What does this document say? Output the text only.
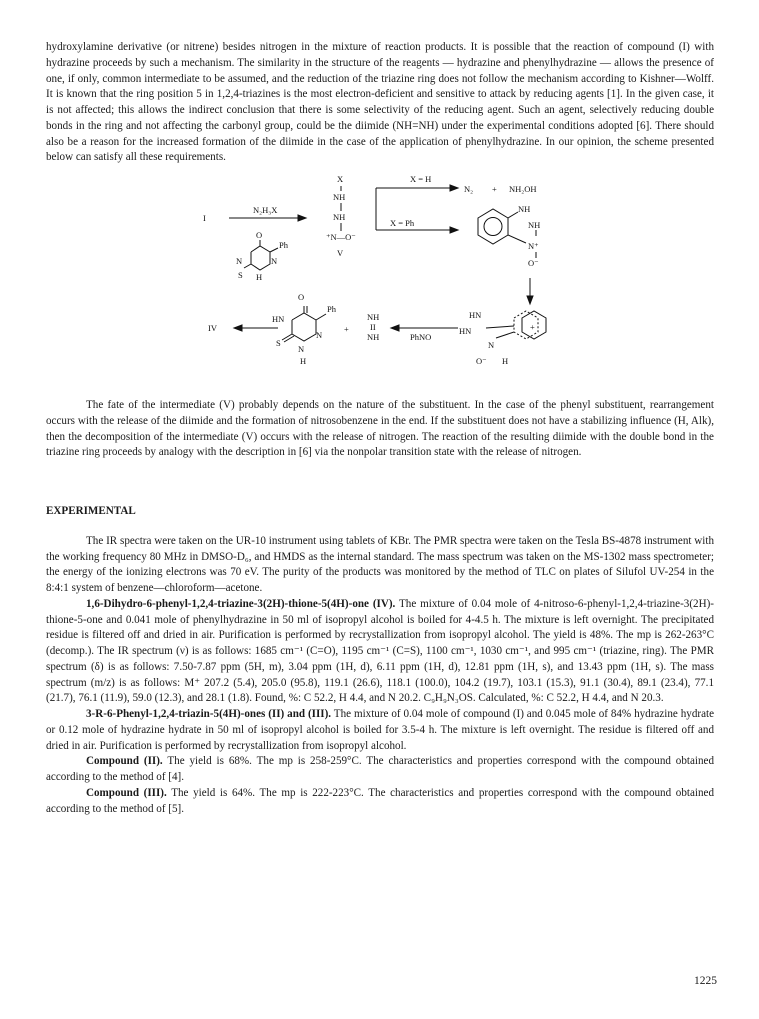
hydroxylamine derivative (or nitrene) besides nitrogen in the mixture of reaction products. It is possible that the reaction of compound (I) with hydrazine proceeds by such a mechanism. The similarity in the structure of the reagents — hydrazine and phenylhydrazine — allows the presence of one, if only, common intermediate to be assumed, and the reduction of the triazine ring does not follow the mechanism according to Kishner—Wolff. It is known that the ring position 5 in 1,2,4-triazines is the most electron-deficient and sensitive to attack by reducing agents [1]. In the given case, it is not affected; this allows the indirect conclusion that there is some selectivity of the reducing agent. Such an agent, selectively reducing double bonds in the ring and not affecting the carbonyl group, could be the diimide (NH=NH) under the experimental conditions adopted [6]. There should also be a reason for the increased formation of the diimide in the case of the application of phenylhydrazine. In our opinion, the scheme presented below can satisfy all these requirements.

I
N₂H₃X
O
Ph
N	N
S H
X
NH
NH
⁺N—O⁻
V
X = H
X = Ph
N₂ + NH₂OH
NH
NH
N⁺
O⁻
O
Ph
HN
S
N
N
H
IV	+
NH
II
NH	PhNO
HN
HN
N
O⁻ H
+

The fate of the intermediate (V) probably depends on the nature of the substituent. In the case of the phenyl substituent, rearrangement occurs with the release of the diimide and the formation of nitrosobenzene in the end. If the substituent does not have a stabilizing influence (H, Alk), then the decomposition of the intermediate (V) occurs with the release of nitrogen. The reaction of the resulting diimide with the double bond in the triazine ring proceeds by analogy with the description in [6] via the nonpolar transition state with the release of nitrogen.

EXPERIMENTAL

The IR spectra were taken on the UR-10 instrument using tablets of KBr. The PMR spectra were taken on the Tesla BS-4878 instrument with the working frequency 80 MHz in DMSO-D₆, and HMDS as the internal standard. The mass spectrum was taken on the MS-1302 mass spectrometer; the energy of the ionizing electrons was 70 eV. The purity of the products was monitored by the method of TLC on plates of Silufol UV-254 in the 8:4:1 system of benzene—chloroform—acetone.

1,6-Dihydro-6-phenyl-1,2,4-triazine-3(2H)-thione-5(4H)-one (IV). The mixture of 0.04 mole of 4-nitroso-6-phenyl-1,2,4-triazine-3(2H)-thione-5-one and 0.041 mole of phenylhydrazine in 50 ml of isopropyl alcohol is boiled for 4-4.5 h. The mixture is left overnight. The precipitated residue is filtered off and dried in air. Purification is performed by recrystallization from isopropyl alcohol. The yield is 48%. The mp is 262-263°C (decomp.). The IR spectrum (ν) is as follows: 1685 cm⁻¹ (C=O), 1195 cm⁻¹ (C=S), 1100 cm⁻¹, 1030 cm⁻¹, and 995 cm⁻¹ (triazine, ring). The PMR spectrum (δ) is as follows: 7.50-7.87 ppm (5H, m), 3.04 ppm (1H, d), 6.11 ppm (1H, d), 12.81 ppm (1H, s), and 13.43 ppm (1H, s). The mass spectrum (m/z) is as follows: M⁺ 207.2 (5.4), 205.0 (95.8), 119.1 (26.6), 118.1 (100.0), 104.2 (19.7), 103.1 (15.3), 91.1 (30.4), 89.1 (23.4), 77.1 (21.7), 76.1 (11.9), 59.0 (12.3), and 28.1 (1.8). Found, %: C 52.2, H 4.4, and N 20.2. C₉H₉N₃OS. Calculated, %: C 52.2, H 4.4, and N 20.3.

3-R-6-Phenyl-1,2,4-triazin-5(4H)-ones (II) and (III). The mixture of 0.04 mole of compound (I) and 0.045 mole of 84% hydrazine hydrate or 0.12 mole of hydrazine hydrate in 50 ml of isopropyl alcohol is boiled for 3.5-4 h. The mixture is left overnight. The residue is filtered off and dried in air. Purification is performed by recrystallization from isopropyl alcohol.

Compound (II). The yield is 68%. The mp is 258-259°C. The characteristics and properties correspond with the compound obtained according to the method of [4].

Compound (III). The yield is 64%. The mp is 222-223°C. The characteristics and properties correspond with the compound obtained according to the method of [5].

1225
